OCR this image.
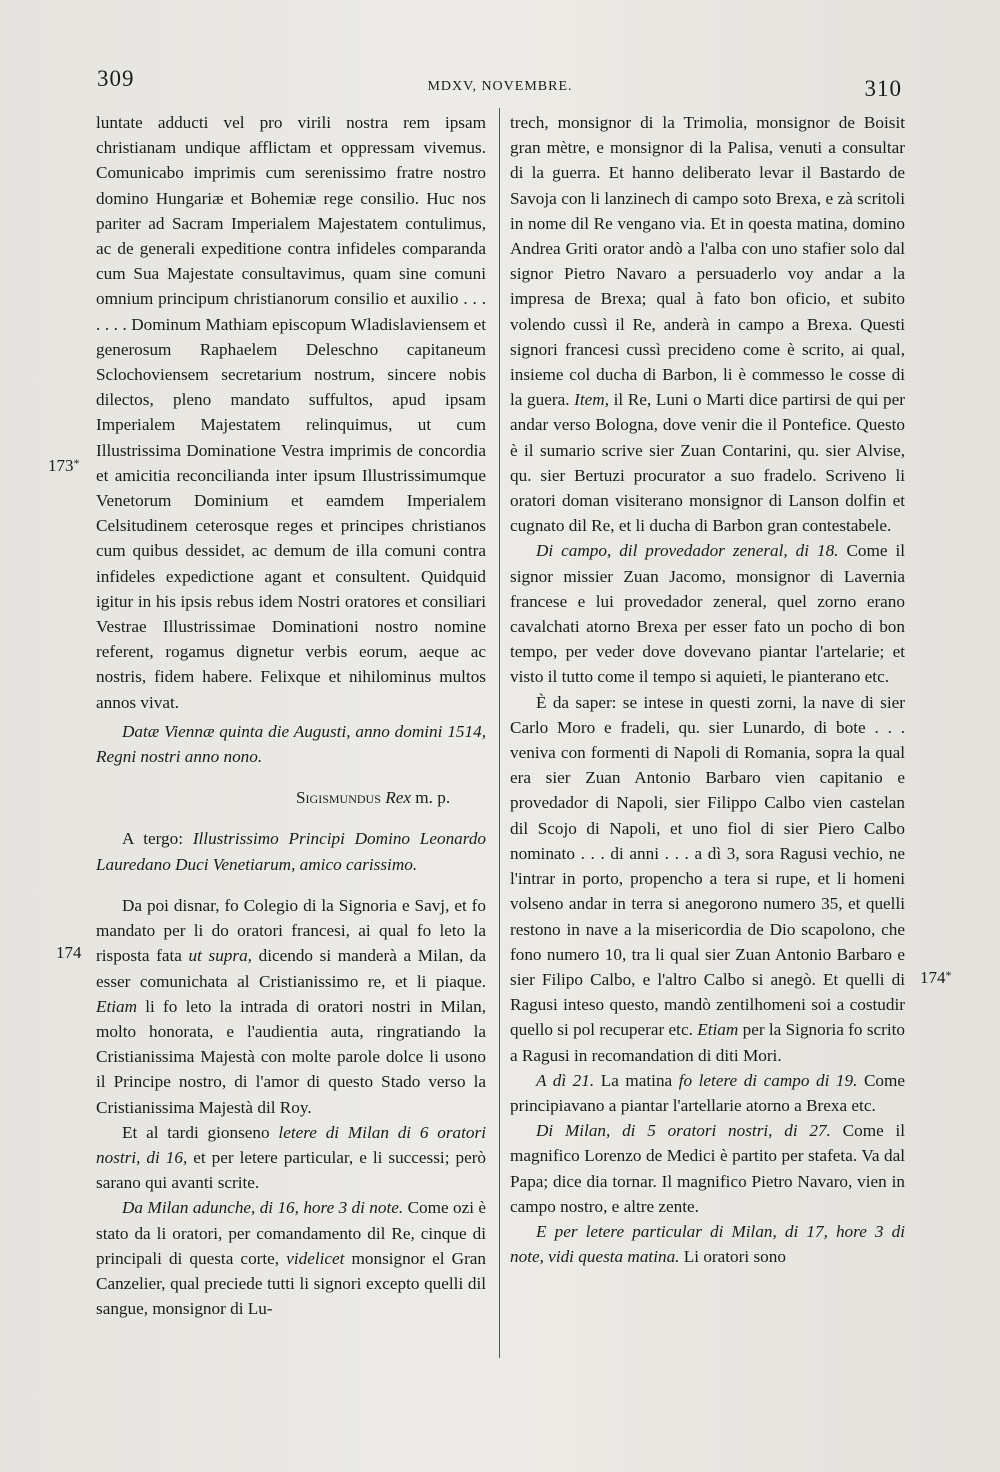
309	MDXV, NOVEMBRE.	310
173*
174
174*

luntate adducti vel pro virili nostra rem ipsam christianam undique afflictam et oppressam vivemus. Comunicabo imprimis cum serenissimo fratre nostro domino Hungariæ et Bohemiæ rege consilio. Huc nos pariter ad Sacram Imperialem Majestatem contulimus, ac de generali expeditione contra infideles comparanda cum Sua Majestate consultavimus, quam sine comuni omnium principum christianorum consilio et auxilio . . . . . . . Dominum Mathiam episcopum Wladislaviensem et generosum Raphaelem Deleschno capitaneum Sclochoviensem secretarium nostrum, sincere nobis dilectos, pleno mandato suffultos, apud ipsam Imperialem Majestatem relinquimus, ut cum Illustrissima Dominatione Vestra imprimis de concordia et amicitia reconcilianda inter ipsum Illustrissimumque Venetorum Dominium et eamdem Imperialem Celsitudinem ceterosque reges et principes christianos cum quibus dessidet, ac demum de illa comuni contra infideles expedictione agant et consultent. Quidquid igitur in his ipsis rebus idem Nostri oratores et consiliari Vestrae Illustrissimae Dominationi nostro nomine referent, rogamus dignetur verbis eorum, aeque ac nostris, fidem habere. Felixque et nihilominus multos annos vivat.

Datæ Viennæ quinta die Augusti, anno domini 1514, Regni nostri anno nono.

Sigismundus Rex m. p.

A tergo: Illustrissimo Principi Domino Leonardo Lauredano Duci Venetiarum, amico carissimo.

Da poi disnar, fo Colegio di la Signoria e Savj, et fo mandato per li do oratori francesi, ai qual fo leto la risposta fata ut supra, dicendo si manderà a Milan, da esser comunichata al Cristianissimo re, et li piaque. Etiam li fo leto la intrada di oratori nostri in Milan, molto honorata, e l'audientia auta, ringratiando la Cristianissima Majestà con molte parole dolce li usono il Principe nostro, di l'amor di questo Stado verso la Cristianissima Majestà dil Roy.

Et al tardi gionseno letere di Milan di 6 oratori nostri, di 16, et per letere particular, e li successi; però sarano qui avanti scrite.

Da Milan adunche, di 16, hore 3 di note. Come ozi è stato da li oratori, per comandamento dil Re, cinque di principali di questa corte, videlicet monsignor el Gran Canzelier, qual preciede tutti li signori excepto quelli dil sangue, monsignor di Lu-

trech, monsignor di la Trimolia, monsignor de Boisit gran mètre, e monsignor di la Palisa, venuti a consultar di la guerra. Et hanno deliberato levar il Bastardo de Savoja con li lanzinech di campo soto Brexa, e zà scritoli in nome dil Re vengano via. Et in qoesta matina, domino Andrea Griti orator andò a l'alba con uno stafier solo dal signor Pietro Navaro a persuaderlo voy andar a la impresa de Brexa; qual à fato bon oficio, et subito volendo cussì il Re, anderà in campo a Brexa. Questi signori francesi cussì precideno come è scrito, ai qual, insieme col ducha di Barbon, li è commesso le cosse di la guera. Item, il Re, Luni o Marti dice partirsi de qui per andar verso Bologna, dove venir die il Pontefice. Questo è il sumario scrive sier Zuan Contarini, qu. sier Alvise, qu. sier Bertuzi procurator a suo fradelo. Scriveno li oratori doman visiterano monsignor di Lanson dolfin et cugnato dil Re, et li ducha di Barbon gran contestabele.

Di campo, dil provedador zeneral, di 18. Come il signor missier Zuan Jacomo, monsignor di Lavernia francese e lui provedador zeneral, quel zorno erano cavalchati atorno Brexa per esser fato un pocho di bon tempo, per veder dove dovevano piantar l'artelarie; et visto il tutto come il tempo si aquieti, le pianterano etc.

È da saper: se intese in questi zorni, la nave di sier Carlo Moro e fradeli, qu. sier Lunardo, di bote . . . veniva con formenti di Napoli di Romania, sopra la qual era sier Zuan Antonio Barbaro vien capitanio e provedador di Napoli, sier Filippo Calbo vien castelan dil Scojo di Napoli, et uno fiol di sier Piero Calbo nominato . . . di anni . . . a dì 3, sora Ragusi vechio, ne l'intrar in porto, propencho a tera si rupe, et li homeni volseno andar in terra si anegorono numero 35, et quelli restono in nave a la misericordia de Dio scapolono, che fono numero 10, tra li qual sier Zuan Antonio Barbaro e sier Filipo Calbo, e l'altro Calbo si anegò. Et quelli di Ragusi inteso questo, mandò zentilhomeni soi a costudir quello si pol recuperar etc. Etiam per la Signoria fo scrito a Ragusi in recomandation di diti Mori.

A dì 21. La matina fo letere di campo di 19. Come principiavano a piantar l'artellarie atorno a Brexa etc.

Di Milan, di 5 oratori nostri, di 27. Come il magnifico Lorenzo de Medici è partito per stafeta. Va dal Papa; dice dia tornar. Il magnifico Pietro Navaro, vien in campo nostro, e altre zente.

E per letere particular di Milan, di 17, hore 3 di note, vidi questa matina. Li oratori sono
